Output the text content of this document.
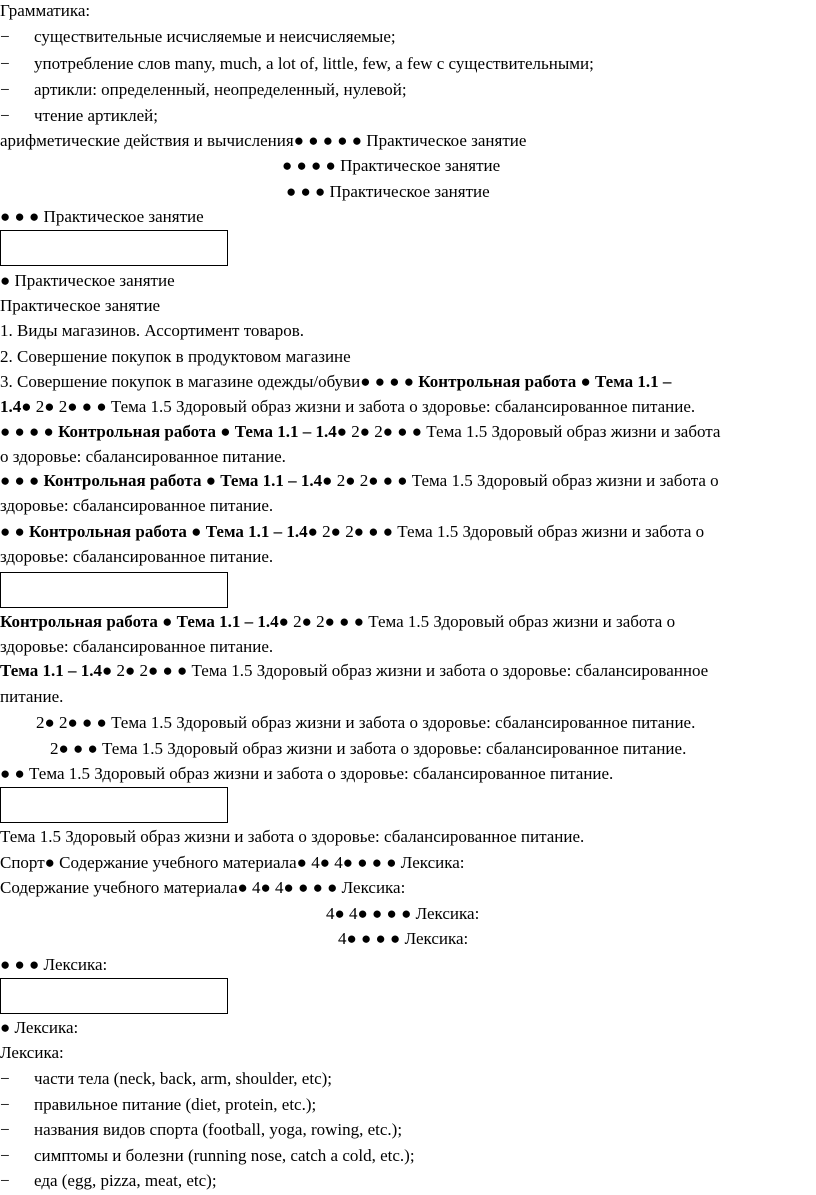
Грамматика:
− существительные исчисляемые и неисчисляемые;
− употребление слов many, much, a lot of, little, few, a few с существительными;
− артикли: определенный, неопределенный, нулевой;
− чтение артиклей;
арифметические действия и вычисления● ● ● ● ● Практическое занятие
● ● ● ● Практическое занятие
● ● ● Практическое занятие
● ● ● Практическое занятие
● Практическое занятие
Практическое занятие
1. Виды магазинов. Ассортимент товаров.
2. Совершение покупок в продуктовом магазине
3. Совершение покупок в магазине одежды/обуви● ● ● ● Контрольная работа ● Тема 1.1 –
1.4● 2● 2● ● ● Тема 1.5 Здоровый образ жизни и забота о здоровье: сбалансированное питание.
● ● ● ● Контрольная работа ● Тема 1.1 – 1.4● 2● 2● ● ● Тема 1.5 Здоровый образ жизни и забота
о здоровье: сбалансированное питание.
● ● ● Контрольная работа ● Тема 1.1 – 1.4● 2● 2● ● ● Тема 1.5 Здоровый образ жизни и забота о
здоровье: сбалансированное питание.
● ● Контрольная работа ● Тема 1.1 – 1.4● 2● 2● ● ● Тема 1.5 Здоровый образ жизни и забота о
здоровье: сбалансированное питание.
Контрольная работа ● Тема 1.1 – 1.4● 2● 2● ● ● Тема 1.5 Здоровый образ жизни и забота о
здоровье: сбалансированное питание.
Тема 1.1 – 1.4● 2● 2● ● ● Тема 1.5 Здоровый образ жизни и забота о здоровье: сбалансированное
питание.
2● 2● ● ● Тема 1.5 Здоровый образ жизни и забота о здоровье: сбалансированное питание.
2● ● ● Тема 1.5 Здоровый образ жизни и забота о здоровье: сбалансированное питание.
● ● Тема 1.5 Здоровый образ жизни и забота о здоровье: сбалансированное питание.
Тема 1.5 Здоровый образ жизни и забота о здоровье: сбалансированное питание.
Спорт● Содержание учебного материала● 4● 4● ● ● ● Лексика:
Содержание учебного материала● 4● 4● ● ● ● Лексика:
4● 4● ● ● ● Лексика:
4● ● ● ● Лексика:
● ● ● Лексика:
● Лексика:
Лексика:
− части тела (neck, back, arm, shoulder, etc);
− правильное питание (diet, protein, etc.);
− названия видов спорта (football, yoga, rowing, etc.);
− симптомы и болезни (running nose, catch a cold, etc.);
− еда (egg, pizza, meat, etc);
